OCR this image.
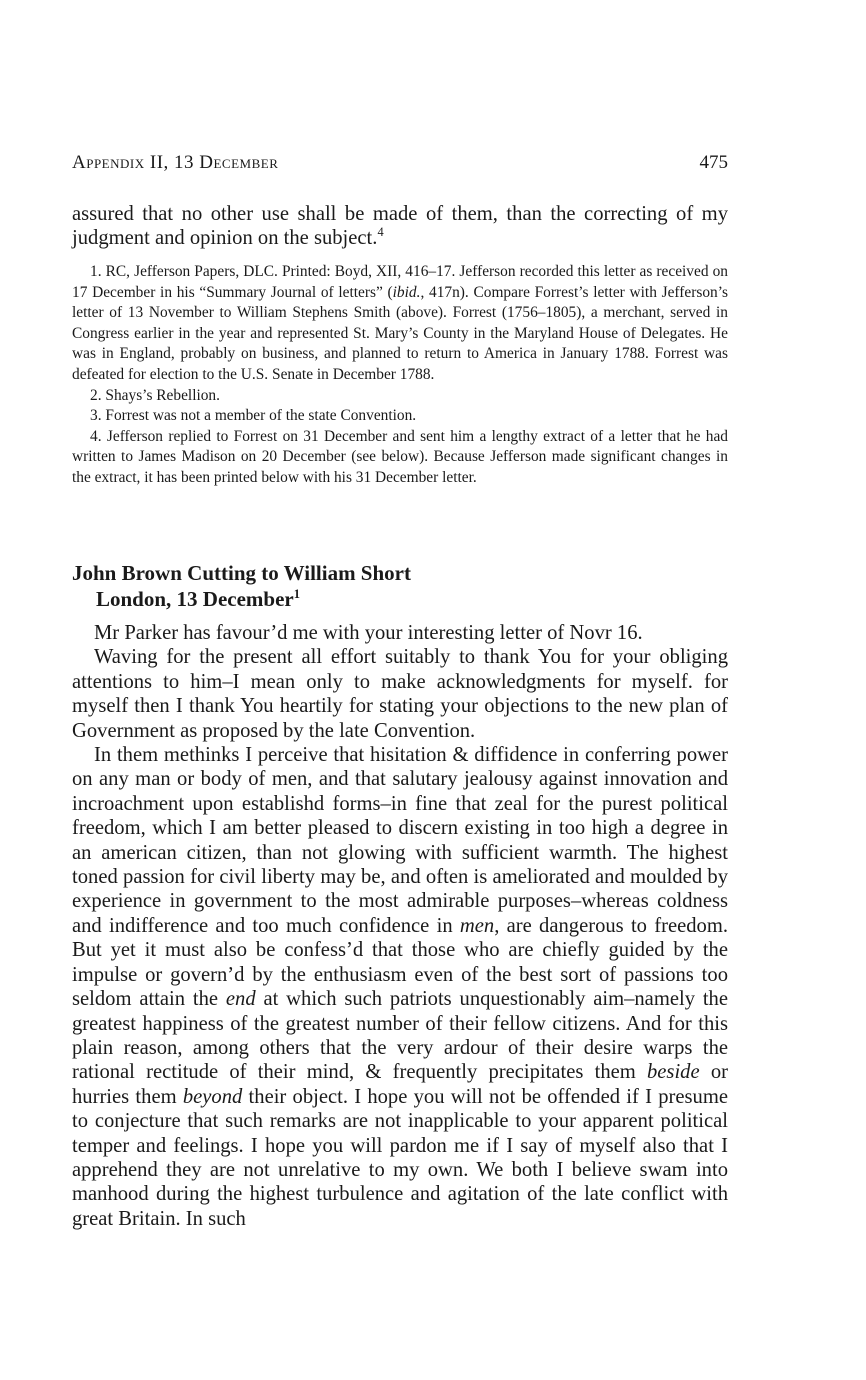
Appendix II, 13 December	475

assured that no other use shall be made of them, than the correcting of my judgment and opinion on the subject.$^4$

1. RC, Jefferson Papers, DLC. Printed: Boyd, XII, 416–17. Jefferson recorded this letter as received on 17 December in his “Summary Journal of letters” (ibid., 417n). Compare Forrest’s letter with Jefferson’s letter of 13 November to William Stephens Smith (above). Forrest (1756–1805), a merchant, served in Congress earlier in the year and represented St. Mary’s County in the Maryland House of Delegates. He was in England, probably on business, and planned to return to America in January 1788. Forrest was defeated for election to the U.S. Senate in December 1788.

2. Shays’s Rebellion.

3. Forrest was not a member of the state Convention.

4. Jefferson replied to Forrest on 31 December and sent him a lengthy extract of a letter that he had written to James Madison on 20 December (see below). Because Jefferson made significant changes in the extract, it has been printed below with his 31 December letter.

John Brown Cutting to William Short
London, 13 December$^1$

Mr Parker has favour’d me with your interesting letter of Novr 16.

Waving for the present all effort suitably to thank You for your obliging attentions to him–I mean only to make acknowledgments for myself. for myself then I thank You heartily for stating your objections to the new plan of Government as proposed by the late Convention.

In them methinks I perceive that hisitation & diffidence in conferring power on any man or body of men, and that salutary jealousy against innovation and incroachment upon establishd forms–in fine that zeal for the purest political freedom, which I am better pleased to discern existing in too high a degree in an american citizen, than not glowing with sufficient warmth. The highest toned passion for civil liberty may be, and often is ameliorated and moulded by experience in government to the most admirable purposes–whereas coldness and indifference and too much confidence in men, are dangerous to freedom. But yet it must also be confess’d that those who are chiefly guided by the impulse or govern’d by the enthusiasm even of the best sort of passions too seldom attain the end at which such patriots unquestionably aim–namely the greatest happiness of the greatest number of their fellow citizens. And for this plain reason, among others that the very ardour of their desire warps the rational rectitude of their mind, & frequently precipitates them beside or hurries them beyond their object. I hope you will not be offended if I presume to conjecture that such remarks are not inapplicable to your apparent political temper and feelings. I hope you will pardon me if I say of myself also that I apprehend they are not unrelative to my own. We both I believe swam into manhood during the highest turbulence and agitation of the late conflict with great Britain. In such
